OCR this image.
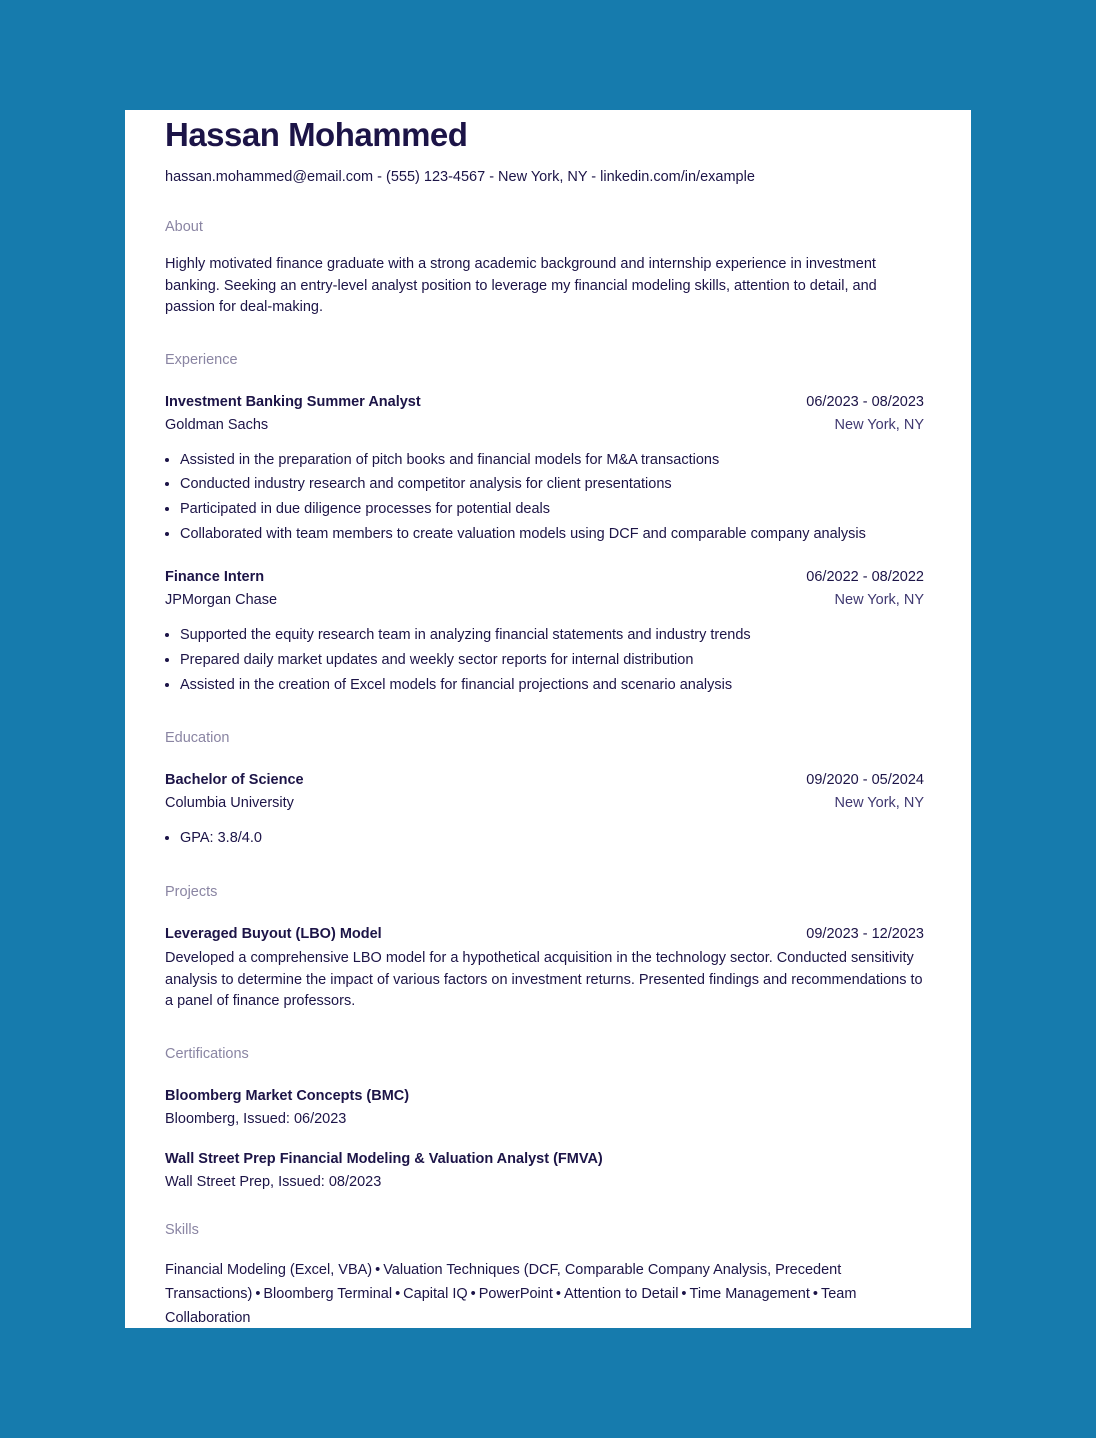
Hassan Mohammed
hassan.mohammed@email.com - (555) 123-4567 - New York, NY - linkedin.com/in/example
About
Highly motivated finance graduate with a strong academic background and internship experience in investment banking. Seeking an entry-level analyst position to leverage my financial modeling skills, attention to detail, and passion for deal-making.
Experience
Investment Banking Summer Analyst	06/2023 - 08/2023
Goldman Sachs	New York, NY
• Assisted in the preparation of pitch books and financial models for M&A transactions
• Conducted industry research and competitor analysis for client presentations
• Participated in due diligence processes for potential deals
• Collaborated with team members to create valuation models using DCF and comparable company analysis
Finance Intern	06/2022 - 08/2022
JPMorgan Chase	New York, NY
• Supported the equity research team in analyzing financial statements and industry trends
• Prepared daily market updates and weekly sector reports for internal distribution
• Assisted in the creation of Excel models for financial projections and scenario analysis
Education
Bachelor of Science	09/2020 - 05/2024
Columbia University	New York, NY
• GPA: 3.8/4.0
Projects
Leveraged Buyout (LBO) Model	09/2023 - 12/2023
Developed a comprehensive LBO model for a hypothetical acquisition in the technology sector. Conducted sensitivity analysis to determine the impact of various factors on investment returns. Presented findings and recommendations to a panel of finance professors.
Certifications
Bloomberg Market Concepts (BMC)
Bloomberg, Issued: 06/2023
Wall Street Prep Financial Modeling & Valuation Analyst (FMVA)
Wall Street Prep, Issued: 08/2023
Skills
Financial Modeling (Excel, VBA) • Valuation Techniques (DCF, Comparable Company Analysis, Precedent Transactions) • Bloomberg Terminal • Capital IQ • PowerPoint • Attention to Detail • Time Management • Team Collaboration
